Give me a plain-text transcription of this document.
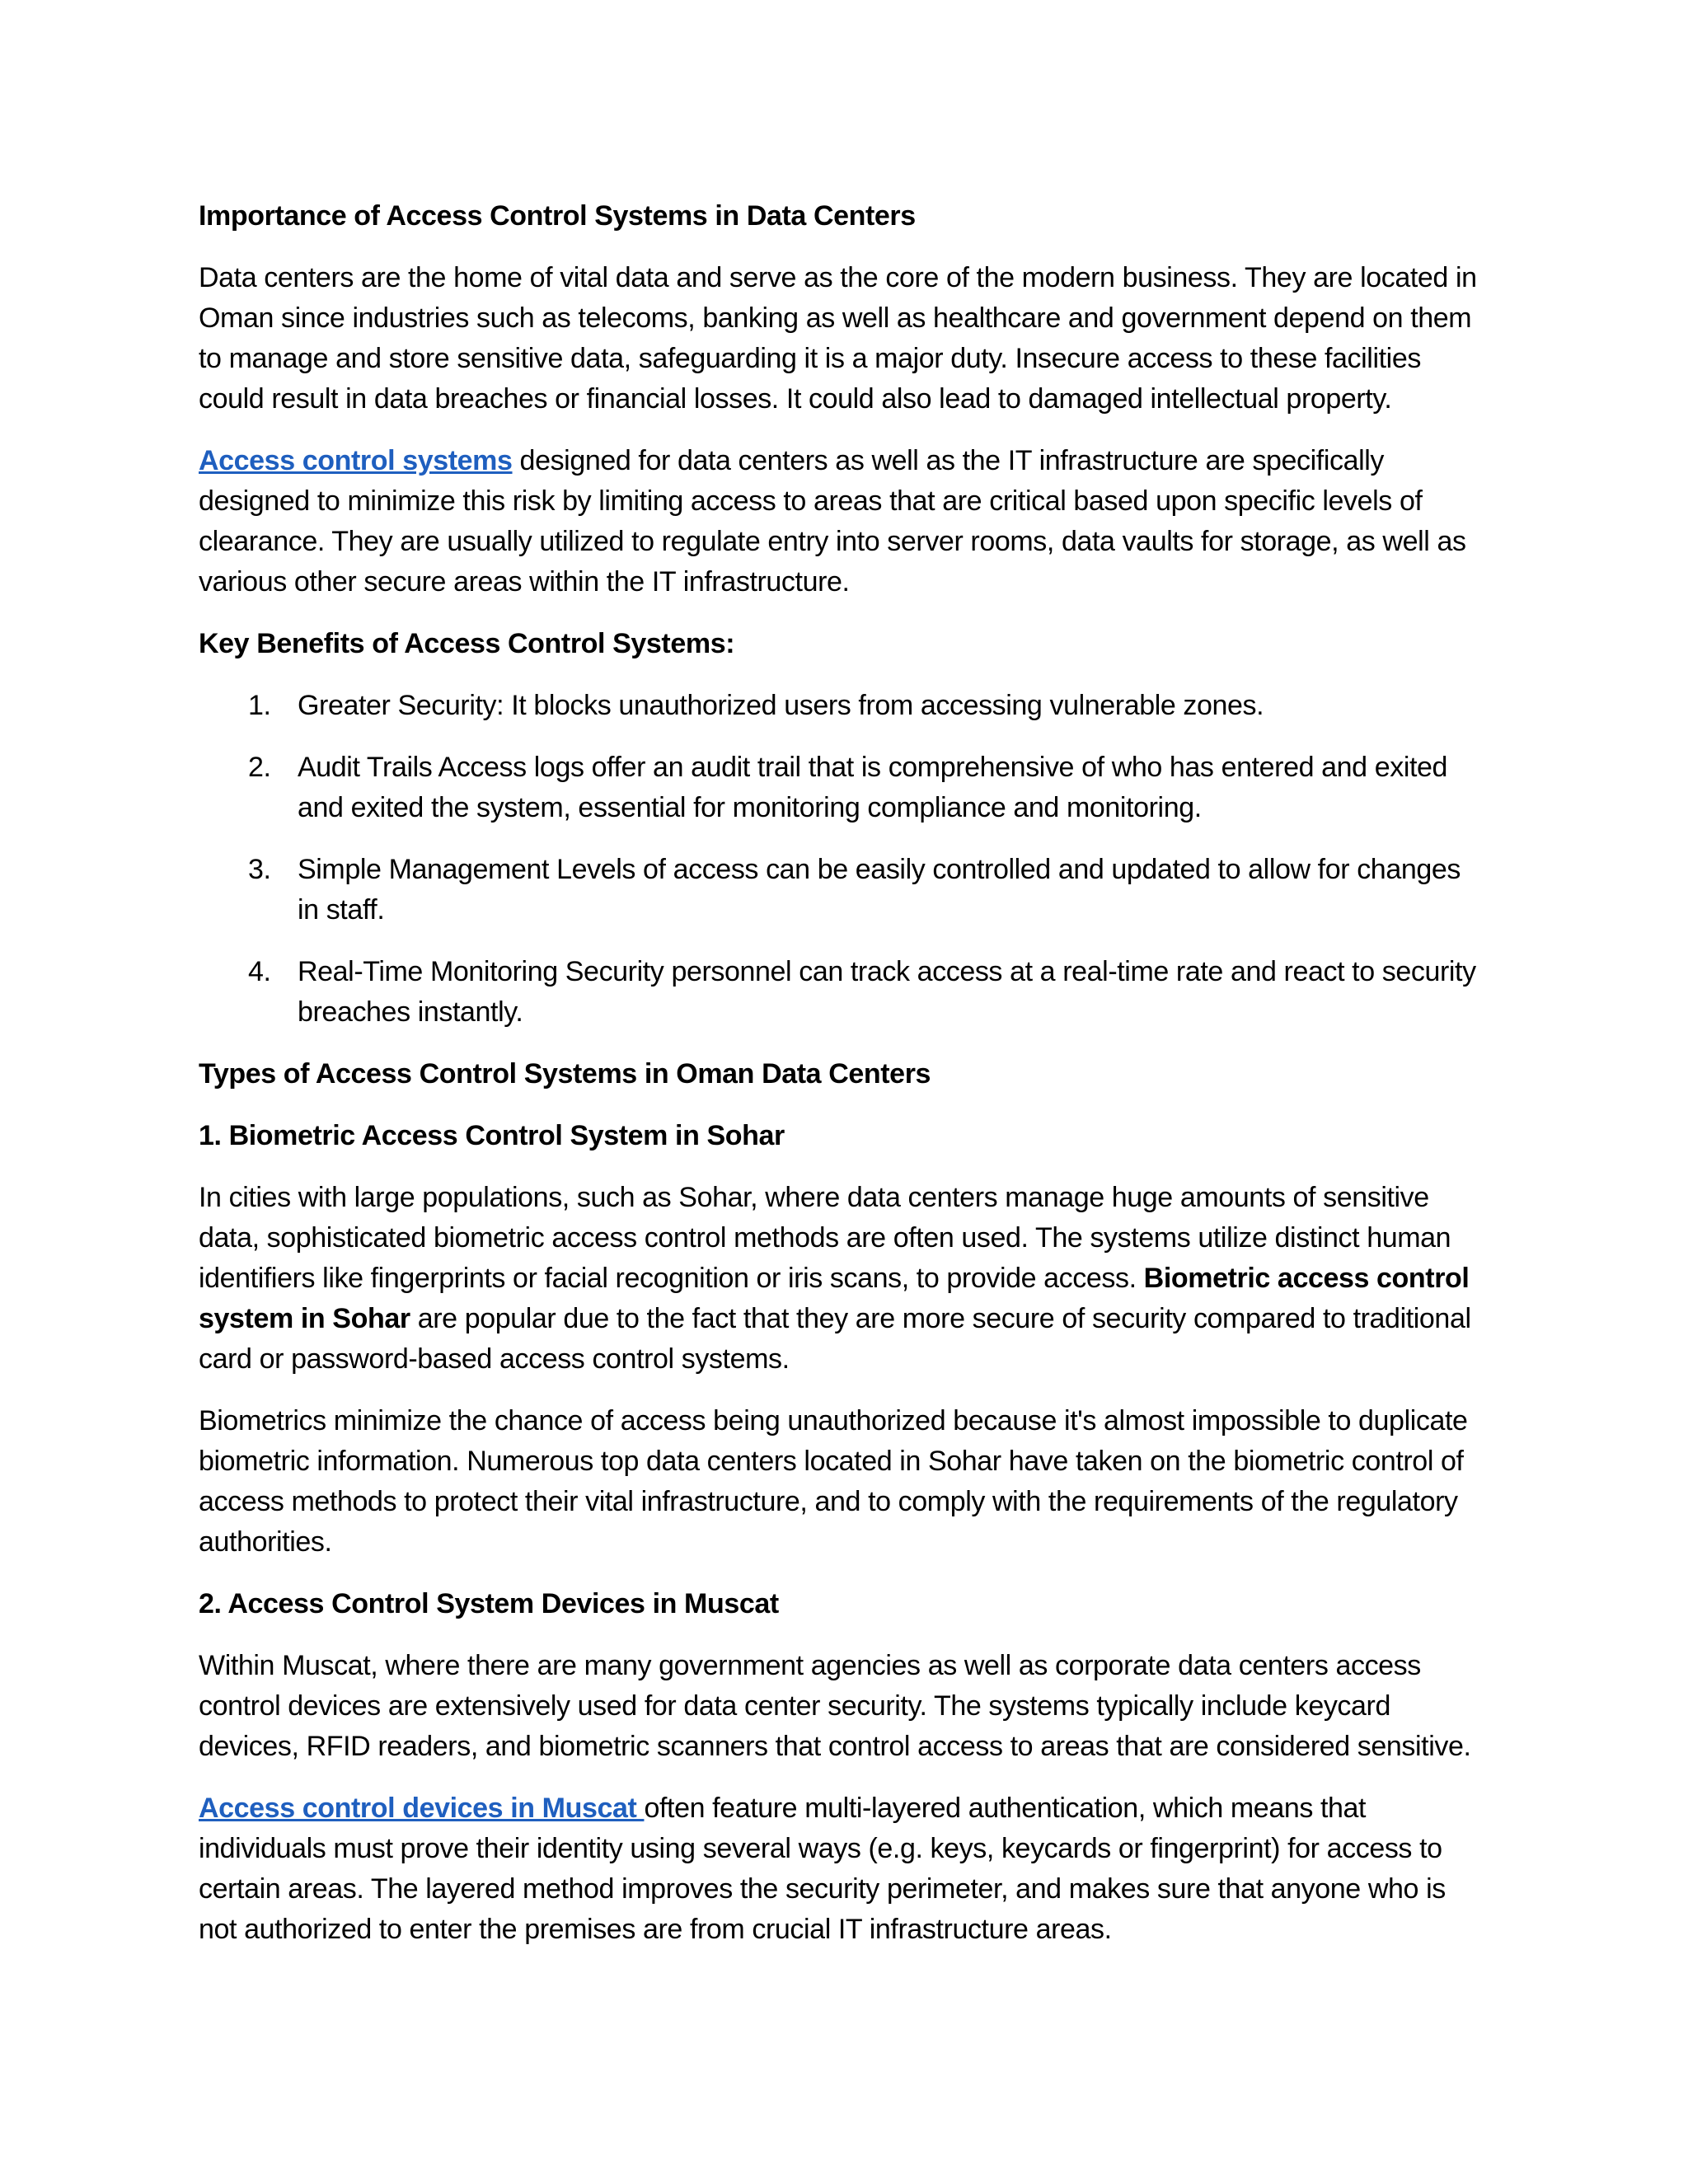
Importance of Access Control Systems in Data Centers

Data centers are the home of vital data and serve as the core of the modern business. They are located in Oman since industries such as telecoms, banking as well as healthcare and government depend on them to manage and store sensitive data, safeguarding it is a major duty. Insecure access to these facilities could result in data breaches or financial losses. It could also lead to damaged intellectual property.

Access control systems designed for data centers as well as the IT infrastructure are specifically designed to minimize this risk by limiting access to areas that are critical based upon specific levels of clearance. They are usually utilized to regulate entry into server rooms, data vaults for storage, as well as various other secure areas within the IT infrastructure.

Key Benefits of Access Control Systems:
1. Greater Security: It blocks unauthorized users from accessing vulnerable zones.
2. Audit Trails Access logs offer an audit trail that is comprehensive of who has entered and exited and exited the system, essential for monitoring compliance and monitoring.
3. Simple Management Levels of access can be easily controlled and updated to allow for changes in staff.
4. Real-Time Monitoring Security personnel can track access at a real-time rate and react to security breaches instantly.
Types of Access Control Systems in Oman Data Centers
1. Biometric Access Control System in Sohar

In cities with large populations, such as Sohar, where data centers manage huge amounts of sensitive data, sophisticated biometric access control methods are often used. The systems utilize distinct human identifiers like fingerprints or facial recognition or iris scans, to provide access. Biometric access control system in Sohar are popular due to the fact that they are more secure of security compared to traditional card or password-based access control systems.

Biometrics minimize the chance of access being unauthorized because it's almost impossible to duplicate biometric information. Numerous top data centers located in Sohar have taken on the biometric control of access methods to protect their vital infrastructure, and to comply with the requirements of the regulatory authorities.

2. Access Control System Devices in Muscat

Within Muscat, where there are many government agencies as well as corporate data centers access control devices are extensively used for data center security. The systems typically include keycard devices, RFID readers, and biometric scanners that control access to areas that are considered sensitive.

Access control devices in Muscat often feature multi-layered authentication, which means that individuals must prove their identity using several ways (e.g. keys, keycards or fingerprint) for access to certain areas. The layered method improves the security perimeter, and makes sure that anyone who is not authorized to enter the premises are from crucial IT infrastructure areas.
